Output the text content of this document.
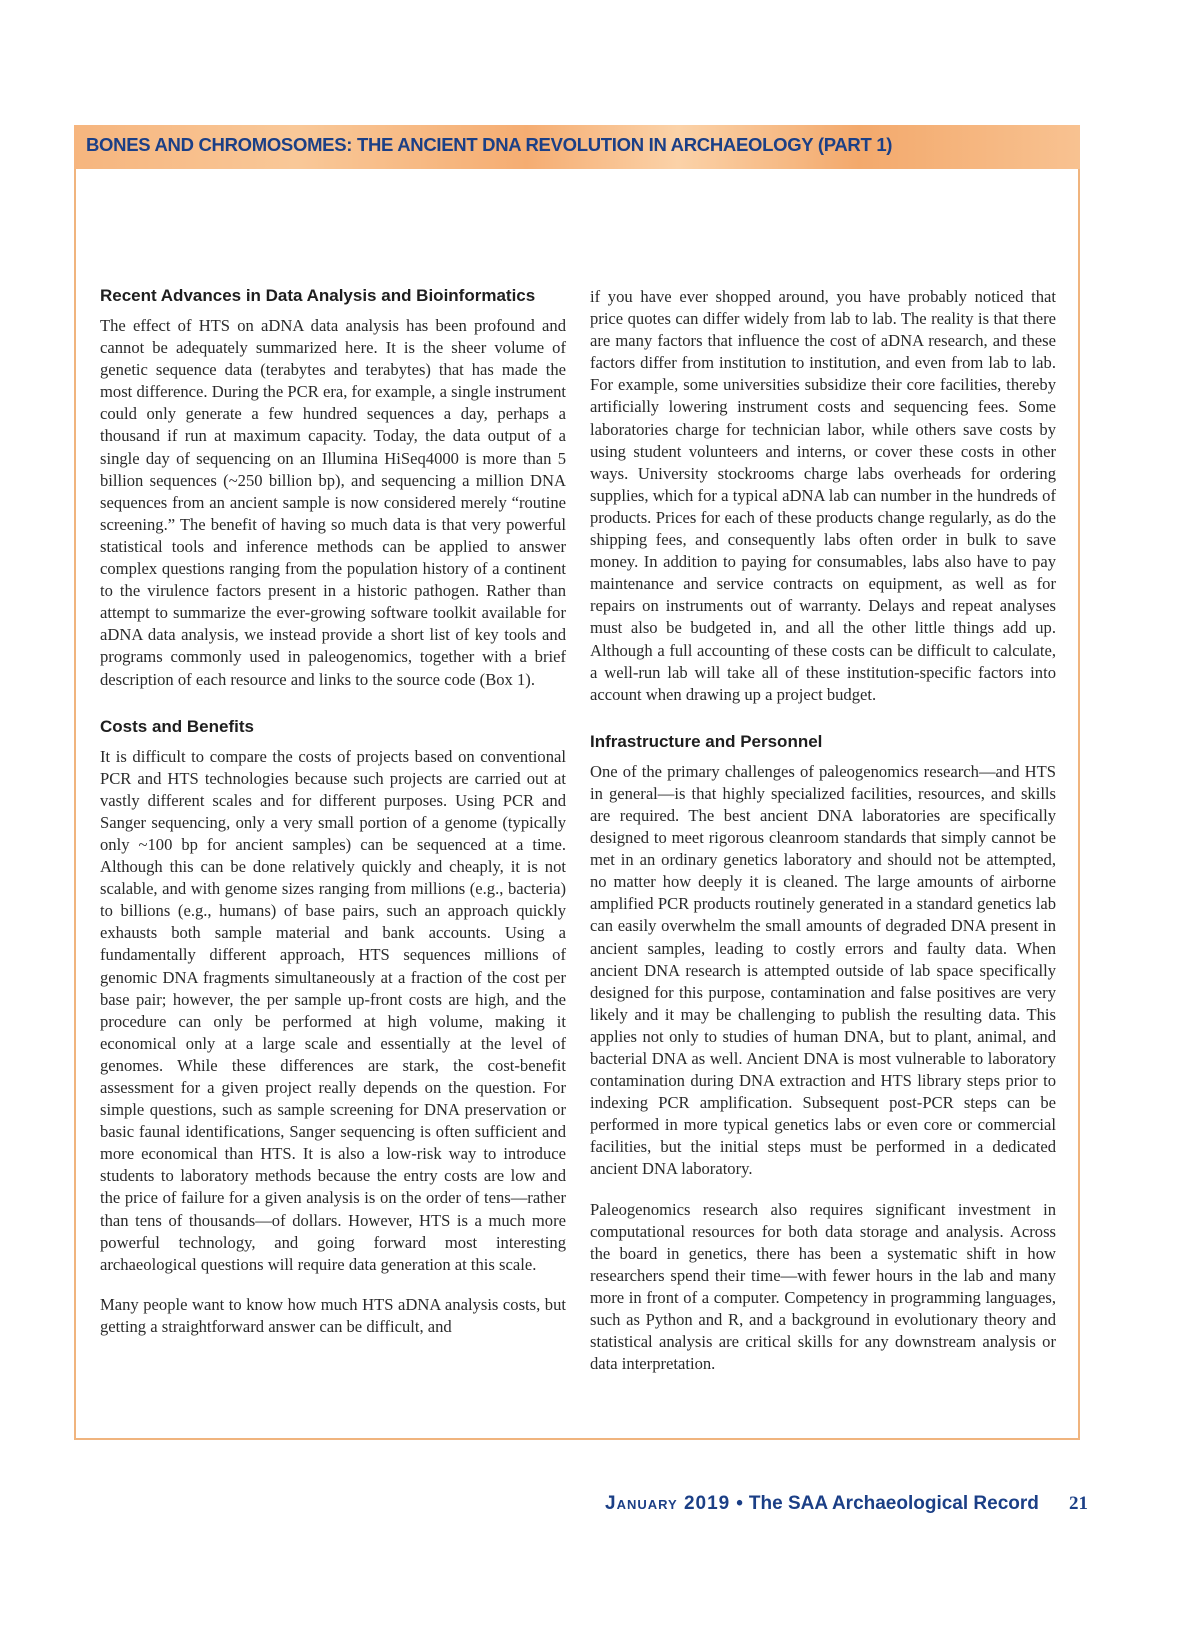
BONES AND CHROMOSOMES: THE ANCIENT DNA REVOLUTION IN ARCHAEOLOGY (PART 1)
Recent Advances in Data Analysis and Bioinformatics

The effect of HTS on aDNA data analysis has been profound and cannot be adequately summarized here. It is the sheer volume of genetic sequence data (terabytes and terabytes) that has made the most difference. During the PCR era, for example, a single instrument could only generate a few hundred sequences a day, perhaps a thousand if run at maximum capacity. Today, the data output of a single day of sequencing on an Illumina HiSeq4000 is more than 5 billion sequences (~250 billion bp), and sequencing a million DNA sequences from an ancient sample is now considered merely “routine screening.” The benefit of having so much data is that very powerful statistical tools and inference methods can be applied to answer complex questions ranging from the population history of a continent to the virulence factors present in a historic pathogen. Rather than attempt to summarize the ever-growing software toolkit available for aDNA data analysis, we instead provide a short list of key tools and programs commonly used in paleogenomics, together with a brief description of each resource and links to the source code (Box 1).

Costs and Benefits

It is difficult to compare the costs of projects based on conventional PCR and HTS technologies because such projects are carried out at vastly different scales and for different purposes. Using PCR and Sanger sequencing, only a very small portion of a genome (typically only ~100 bp for ancient samples) can be sequenced at a time. Although this can be done relatively quickly and cheaply, it is not scalable, and with genome sizes ranging from millions (e.g., bacteria) to billions (e.g., humans) of base pairs, such an approach quickly exhausts both sample material and bank accounts. Using a fundamentally different approach, HTS sequences millions of genomic DNA fragments simultaneously at a fraction of the cost per base pair; however, the per sample up-front costs are high, and the procedure can only be performed at high volume, making it economical only at a large scale and essentially at the level of genomes. While these differences are stark, the cost-benefit assessment for a given project really depends on the question. For simple questions, such as sample screening for DNA preservation or basic faunal identifications, Sanger sequencing is often sufficient and more economical than HTS. It is also a low-risk way to introduce students to laboratory methods because the entry costs are low and the price of failure for a given analysis is on the order of tens—rather than tens of thousands—of dollars. However, HTS is a much more powerful technology, and going forward most interesting archaeological questions will require data generation at this scale.

Many people want to know how much HTS aDNA analysis costs, but getting a straightforward answer can be difficult, and

if you have ever shopped around, you have probably noticed that price quotes can differ widely from lab to lab. The reality is that there are many factors that influence the cost of aDNA research, and these factors differ from institution to institution, and even from lab to lab. For example, some universities subsidize their core facilities, thereby artificially lowering instrument costs and sequencing fees. Some laboratories charge for technician labor, while others save costs by using student volunteers and interns, or cover these costs in other ways. University stockrooms charge labs overheads for ordering supplies, which for a typical aDNA lab can number in the hundreds of products. Prices for each of these products change regularly, as do the shipping fees, and consequently labs often order in bulk to save money. In addition to paying for consumables, labs also have to pay maintenance and service contracts on equipment, as well as for repairs on instruments out of warranty. Delays and repeat analyses must also be budgeted in, and all the other little things add up. Although a full accounting of these costs can be difficult to calculate, a well-run lab will take all of these institution-specific factors into account when drawing up a project budget.

Infrastructure and Personnel

One of the primary challenges of paleogenomics research—and HTS in general—is that highly specialized facilities, resources, and skills are required. The best ancient DNA laboratories are specifically designed to meet rigorous cleanroom standards that simply cannot be met in an ordinary genetics laboratory and should not be attempted, no matter how deeply it is cleaned. The large amounts of airborne amplified PCR products routinely generated in a standard genetics lab can easily overwhelm the small amounts of degraded DNA present in ancient samples, leading to costly errors and faulty data. When ancient DNA research is attempted outside of lab space specifically designed for this purpose, contamination and false positives are very likely and it may be challenging to publish the resulting data. This applies not only to studies of human DNA, but to plant, animal, and bacterial DNA as well. Ancient DNA is most vulnerable to laboratory contamination during DNA extraction and HTS library steps prior to indexing PCR amplification. Subsequent post-PCR steps can be performed in more typical genetics labs or even core or commercial facilities, but the initial steps must be performed in a dedicated ancient DNA laboratory.

Paleogenomics research also requires significant investment in computational resources for both data storage and analysis. Across the board in genetics, there has been a systematic shift in how researchers spend their time—with fewer hours in the lab and many more in front of a computer. Competency in programming languages, such as Python and R, and a background in evolutionary theory and statistical analysis are critical skills for any downstream analysis or data interpretation.

January 2019 • The SAA Archaeological Record 21
